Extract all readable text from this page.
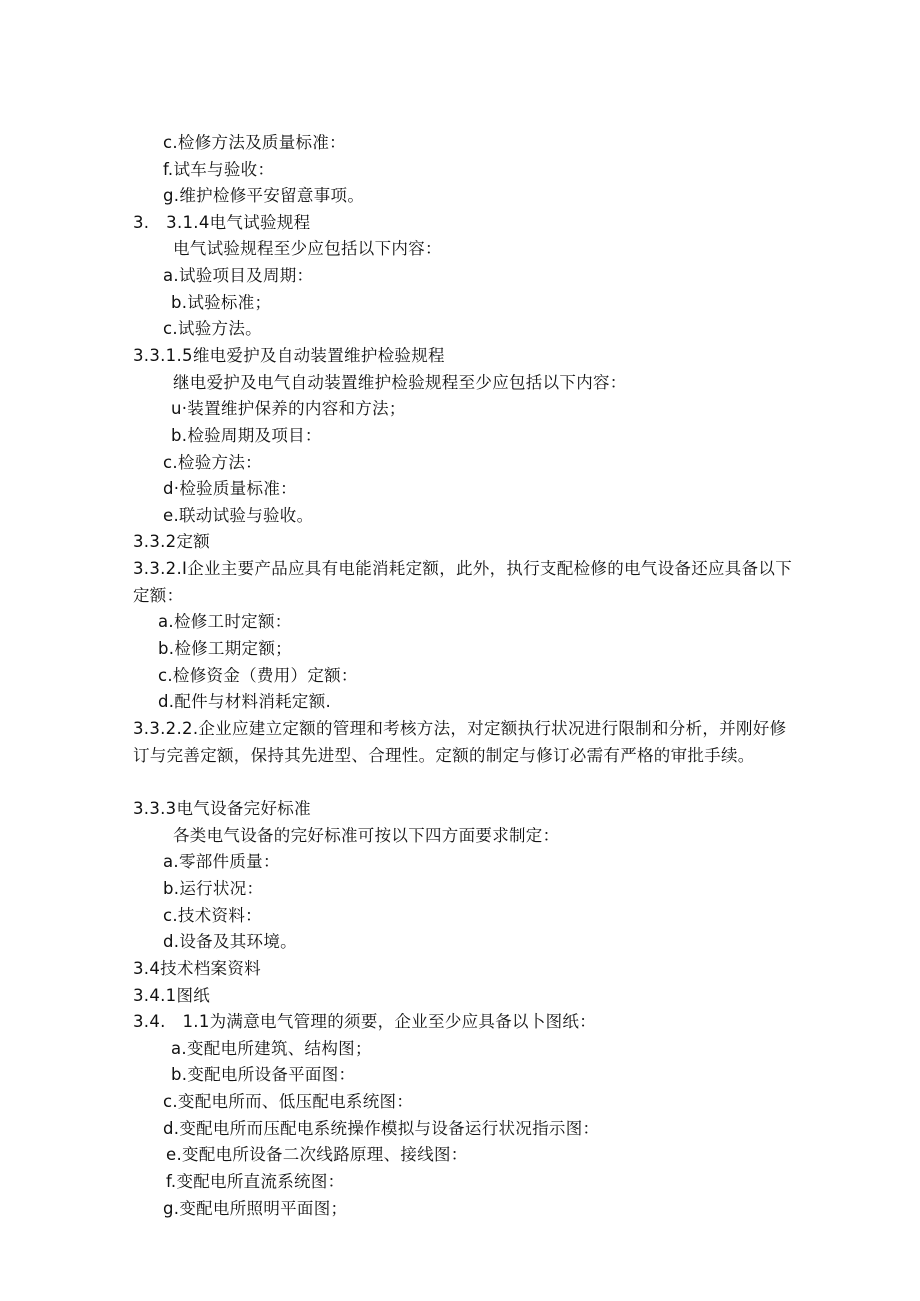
c.检修方法及质量标准：
f.试车与验收：
g.维护检修平安留意事项。
3.　3.1.4电气试验规程
电气试验规程至少应包括以下内容：
a.试验项目及周期：
b.试验标准；
c.试验方法。
3.3.1.5维电爱护及自动装置维护检验规程
继电爱护及电气自动装置维护检验规程至少应包括以下内容：
u·装置维护保养的内容和方法；
b.检验周期及项目：
c.检验方法：
d·检验质量标准：
e.联动试验与验收。
3.3.2定额
3.3.2.I企业主要产品应具有电能消耗定额，此外，执行支配检修的电气设备还应具备以下定额：
a.检修工时定额：
b.检修工期定额；
c.检修资金（费用）定额：
d.配件与材料消耗定额.
3.3.2.2.企业应建立定额的管理和考核方法，对定额执行状况进行限制和分析，并刚好修订与完善定额，保持其先进型、合理性。定额的制定与修订必需有严格的审批手续。
3.3.3电气设备完好标准
各类电气设备的完好标准可按以下四方面要求制定：
a.零部件质量：
b.运行状况：
c.技术资料：
d.设备及其环境。
3.4技术档案资料
3.4.1图纸
3.4.　1.1为满意电气管理的须要，企业至少应具备以卜图纸：
a.变配电所建筑、结构图；
b.变配电所设备平面图：
c.变配电所而、低压配电系统图：
d.变配电所而压配电系统操作模拟与设备运行状况指示图：
e.变配电所设备二次线路原理、接线图：
f.变配电所直流系统图：
g.变配电所照明平面图；
